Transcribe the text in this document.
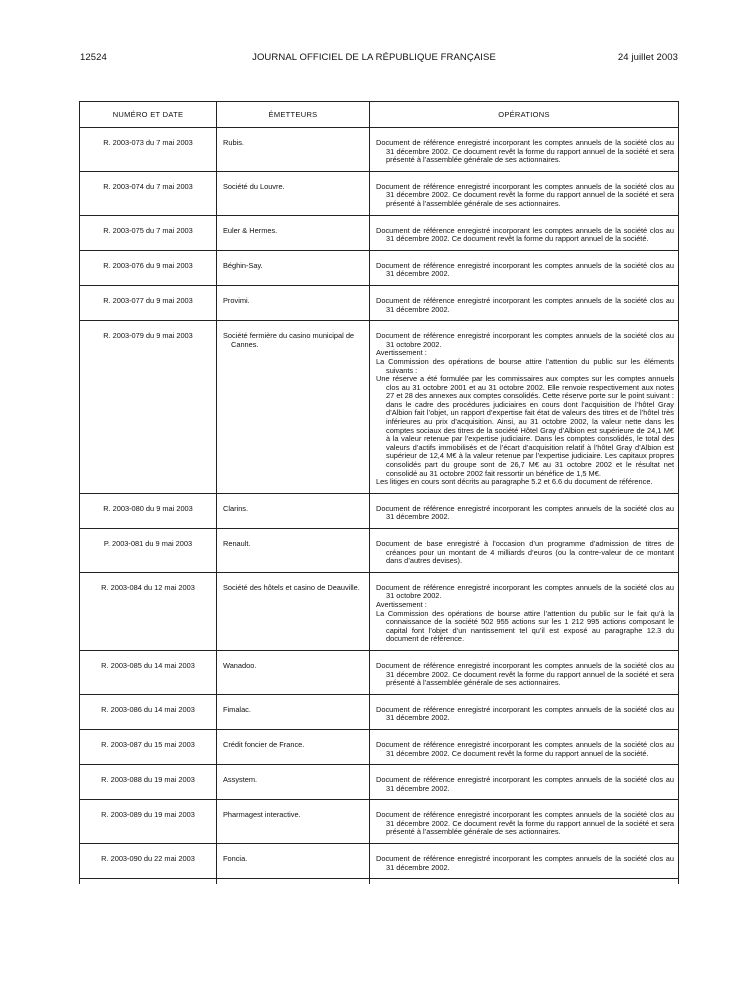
12524	JOURNAL OFFICIEL DE LA RÉPUBLIQUE FRANÇAISE	24 juillet 2003
NUMÉRO ET DATE	ÉMETTEURS	OPÉRATIONS
R. 2003-073 du 7 mai 2003	Rubis.	Document de référence enregistré incorporant les comptes annuels de la société clos au 31 décembre 2002. Ce document revêt la forme du rapport annuel de la société et sera présenté à l’assemblée générale de ses actionnaires.

R. 2003-074 du 7 mai 2003	Société du Louvre.	Document de référence enregistré incorporant les comptes annuels de la société clos au 31 décembre 2002. Ce document revêt la forme du rapport annuel de la société et sera présenté à l’assemblée générale de ses actionnaires.

R. 2003-075 du 7 mai 2003	Euler & Hermes.	Document de référence enregistré incorporant les comptes annuels de la société clos au 31 décembre 2002. Ce document revêt la forme du rapport annuel de la société.

R. 2003-076 du 9 mai 2003	Béghin-Say.	Document de référence enregistré incorporant les comptes annuels de la société clos au 31 décembre 2002.

R. 2003-077 du 9 mai 2003	Provimi.	Document de référence enregistré incorporant les comptes annuels de la société clos au 31 décembre 2002.

R. 2003-079 du 9 mai 2003	Société fermière du casino municipal de Cannes.	Document de référence enregistré incorporant les comptes annuels de la société clos au 31 octobre 2002.

Avertissement :

La Commission des opérations de bourse attire l’attention du public sur les éléments suivants :

Une réserve a été formulée par les commissaires aux comptes sur les comptes annuels clos au 31 octobre 2001 et au 31 octobre 2002. Elle renvoie respectivement aux notes 27 et 28 des annexes aux comptes consolidés. Cette réserve porte sur le point suivant : dans le cadre des procédures judiciaires en cours dont l’acquisition de l’hôtel Gray d’Albion fait l’objet, un rapport d’expertise fait état de valeurs des titres et de l’hôtel très inférieures au prix d’acquisition. Ainsi, au 31 octobre 2002, la valeur nette dans les comptes sociaux des titres de la société Hôtel Gray d’Albion est supérieure de 24,1 M€ à la valeur retenue par l’expertise judiciaire. Dans les comptes consolidés, le total des valeurs d’actifs immobilisés et de l’écart d’acquisition relatif à l’hôtel Gray d’Albion est supérieur de 12,4 M€ à la valeur retenue par l’expertise judiciaire. Les capitaux propres consolidés part du groupe sont de 26,7 M€ au 31 octobre 2002 et le résultat net consolidé au 31 octobre 2002 fait ressortir un bénéfice de 1,5 M€.

Les litiges en cours sont décrits au paragraphe 5.2 et 6.6 du document de référence.

R. 2003-080 du 9 mai 2003	Clarins.	Document de référence enregistré incorporant les comptes annuels de la société clos au 31 décembre 2002.

P. 2003-081 du 9 mai 2003	Renault.	Document de base enregistré à l’occasion d’un programme d’admission de titres de créances pour un montant de 4 milliards d’euros (ou la contre-valeur de ce montant dans d’autres devises).

R. 2003-084 du 12 mai 2003	Société des hôtels et casino de Deauville.	Document de référence enregistré incorporant les comptes annuels de la société clos au 31 octobre 2002.

Avertissement :

La Commission des opérations de bourse attire l’attention du public sur le fait qu’à la connaissance de la société 502 955 actions sur les 1 212 995 actions composant le capital font l’objet d’un nantissement tel qu’il est exposé au paragraphe 12.3 du document de référence.

R. 2003-085 du 14 mai 2003	Wanadoo.	Document de référence enregistré incorporant les comptes annuels de la société clos au 31 décembre 2002. Ce document revêt la forme du rapport annuel de la société et sera présenté à l’assemblée générale de ses actionnaires.

R. 2003-086 du 14 mai 2003	Fimalac.	Document de référence enregistré incorporant les comptes annuels de la société clos au 31 décembre 2002.

R. 2003-087 du 15 mai 2003	Crédit foncier de France.	Document de référence enregistré incorporant les comptes annuels de la société clos au 31 décembre 2002. Ce document revêt la forme du rapport annuel de la société.

R. 2003-088 du 19 mai 2003	Assystem.	Document de référence enregistré incorporant les comptes annuels de la société clos au 31 décembre 2002.

R. 2003-089 du 19 mai 2003	Pharmagest interactive.	Document de référence enregistré incorporant les comptes annuels de la société clos au 31 décembre 2002. Ce document revêt la forme du rapport annuel de la société et sera présenté à l’assemblée générale de ses actionnaires.

R. 2003-090 du 22 mai 2003	Foncia.	Document de référence enregistré incorporant les comptes annuels de la société clos au 31 décembre 2002.
